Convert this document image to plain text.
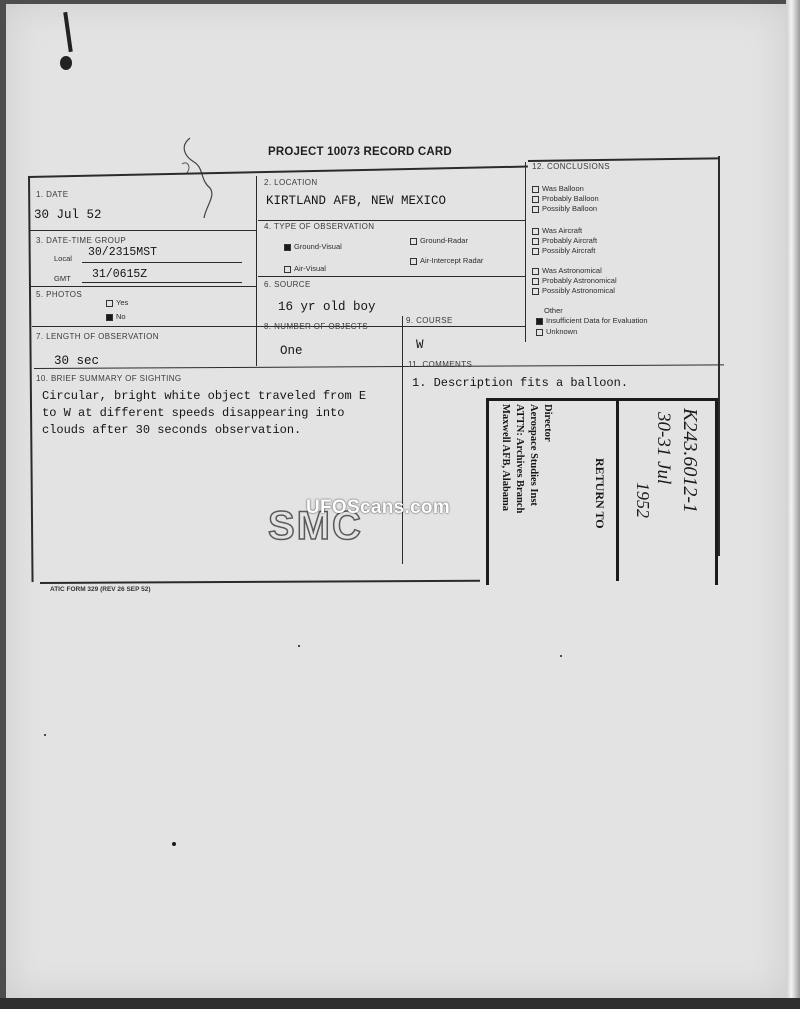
PROJECT 10073 RECORD CARD
1. DATE
30 Jul 52
2. LOCATION
KIRTLAND AFB, NEW MEXICO
3. DATE-TIME GROUP
Local 30/2315MST
GMT 31/0615Z
4. TYPE OF OBSERVATION
Ground-Visual
Ground-Radar
Air-Visual
Air-Intercept Radar
5. PHOTOS
Yes
No
6. SOURCE
16 yr old boy
7. LENGTH OF OBSERVATION
30 sec
8. NUMBER OF OBJECTS
One
9. COURSE
W
12. CONCLUSIONS
Was Balloon
Probably Balloon
Possibly Balloon
Was Aircraft
Probably Aircraft
Possibly Aircraft
Was Astronomical
Probably Astronomical
Possibly Astronomical
Other
Insufficient Data for Evaluation
Unknown
10. BRIEF SUMMARY OF SIGHTING
Circular, bright white object traveled from E
to W at different speeds disappearing into
clouds after 30 seconds observation.
11. COMMENTS
1. Description fits a balloon.
SMC
ATIC FORM 329 (REV 26 SEP 52)
RETURN TO
Director
Aerospace Studies Inst
ATTN: Archives Branch
Maxwell AFB, Alabama	K243.6012-1
30-31 Jul
1952
UFOScans.com
